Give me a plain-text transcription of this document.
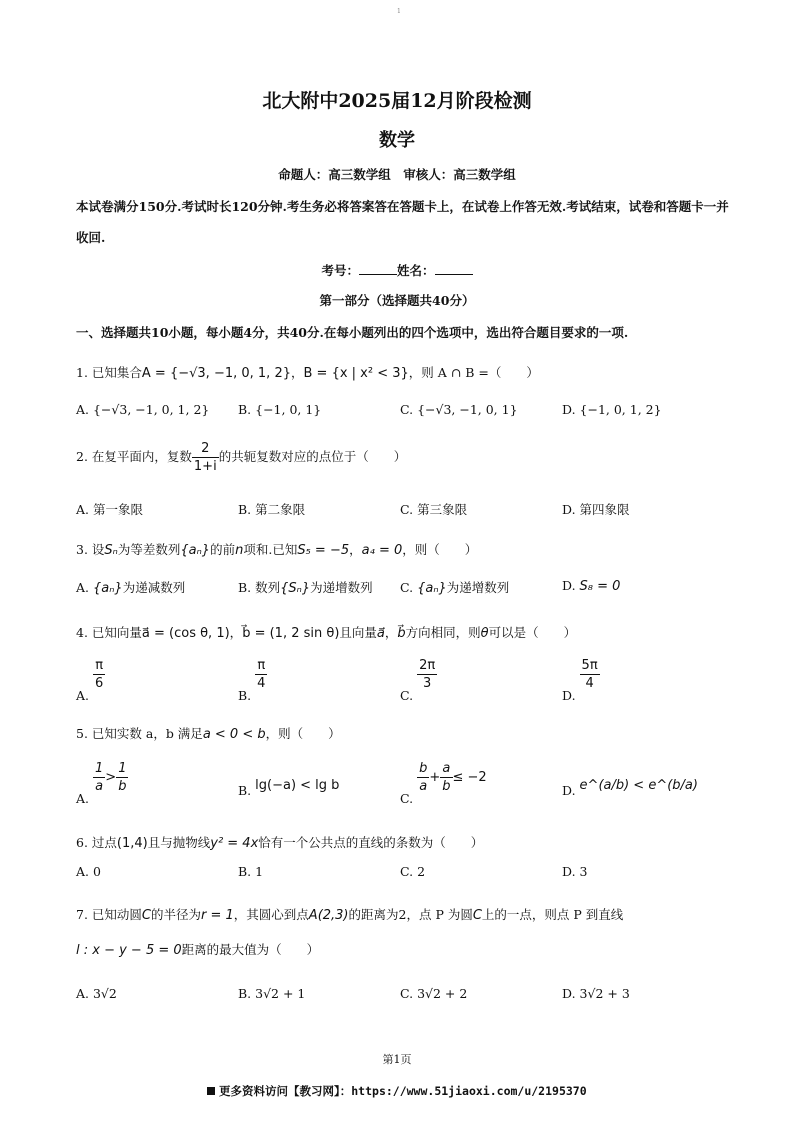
1
北大附中2025届12月阶段检测
数学
命题人：高三数学组　审核人：高三数学组
本试卷满分150分.考试时长120分钟.考生务必将答案答在答题卡上，在试卷上作答无效.考试结束，试卷和答题卡一并收回.
考号：	姓名：
第一部分（选择题共40分）
一、选择题共10小题，每小题4分，共40分.在每小题列出的四个选项中，选出符合题目要求的一项.
1. 已知集合A = {−√3, −1, 0, 1, 2}，B = {x | x² < 3}，则 A ∩ B =（　　）
A. {−√3, −1, 0, 1, 2} B. {−1, 0, 1}	C. {−√3, −1, 0, 1}	D. {−1, 0, 1, 2}
2. 在复平面内，复数 $\frac{2}{1+i}$ 的共轭复数对应的点位于（　　）
A. 第一象限	B. 第二象限	C. 第三象限	D. 第四象限
3. 设Sₙ为等差数列{aₙ}的前n项和.已知S₅ = −5，a₄ = 0，则（　　）
A. {aₙ}为递减数列	B. 数列{Sₙ}为递增数列 C. {aₙ}为递增数列	D. S₈ = 0
4. 已知向量a⃗ = (cos θ, 1)，b⃗ = (1, 2 sin θ)且向量a⃗，b⃗方向相同，则θ可以是（　　）
A.
$\frac{\pi}{6}$
B.
$\frac{\pi}{4}$
C.
$\frac{2\pi}{3}$
D.
$\frac{5\pi}{4}$
5. 已知实数 a，b 满足a < 0 < b，则（　　）
A.
$\frac{1}{a} > \frac{1}{b}$	B. lg(−a) < lg b
C.
$\frac{b}{a} + \frac{a}{b} \le -2$
D. e^(a/b) < e^(b/a)
6. 过点(1,4)且与抛物线y² = 4x恰有一个公共点的直线的条数为（　　）
A. 0	B. 1	C. 2	D. 3
7. 已知动圆C的半径为r = 1，其圆心到点A(2,3)的距离为2，点 P 为圆C上的一点，则点 P 到直线
l : x − y − 5 = 0距离的最大值为（　　）
A. 3√2	B. 3√2 + 1	C. 3√2 + 2	D. 3√2 + 3
第1页
更多资料访问【教习网】：https://www.51jiaoxi.com/u/2195370
